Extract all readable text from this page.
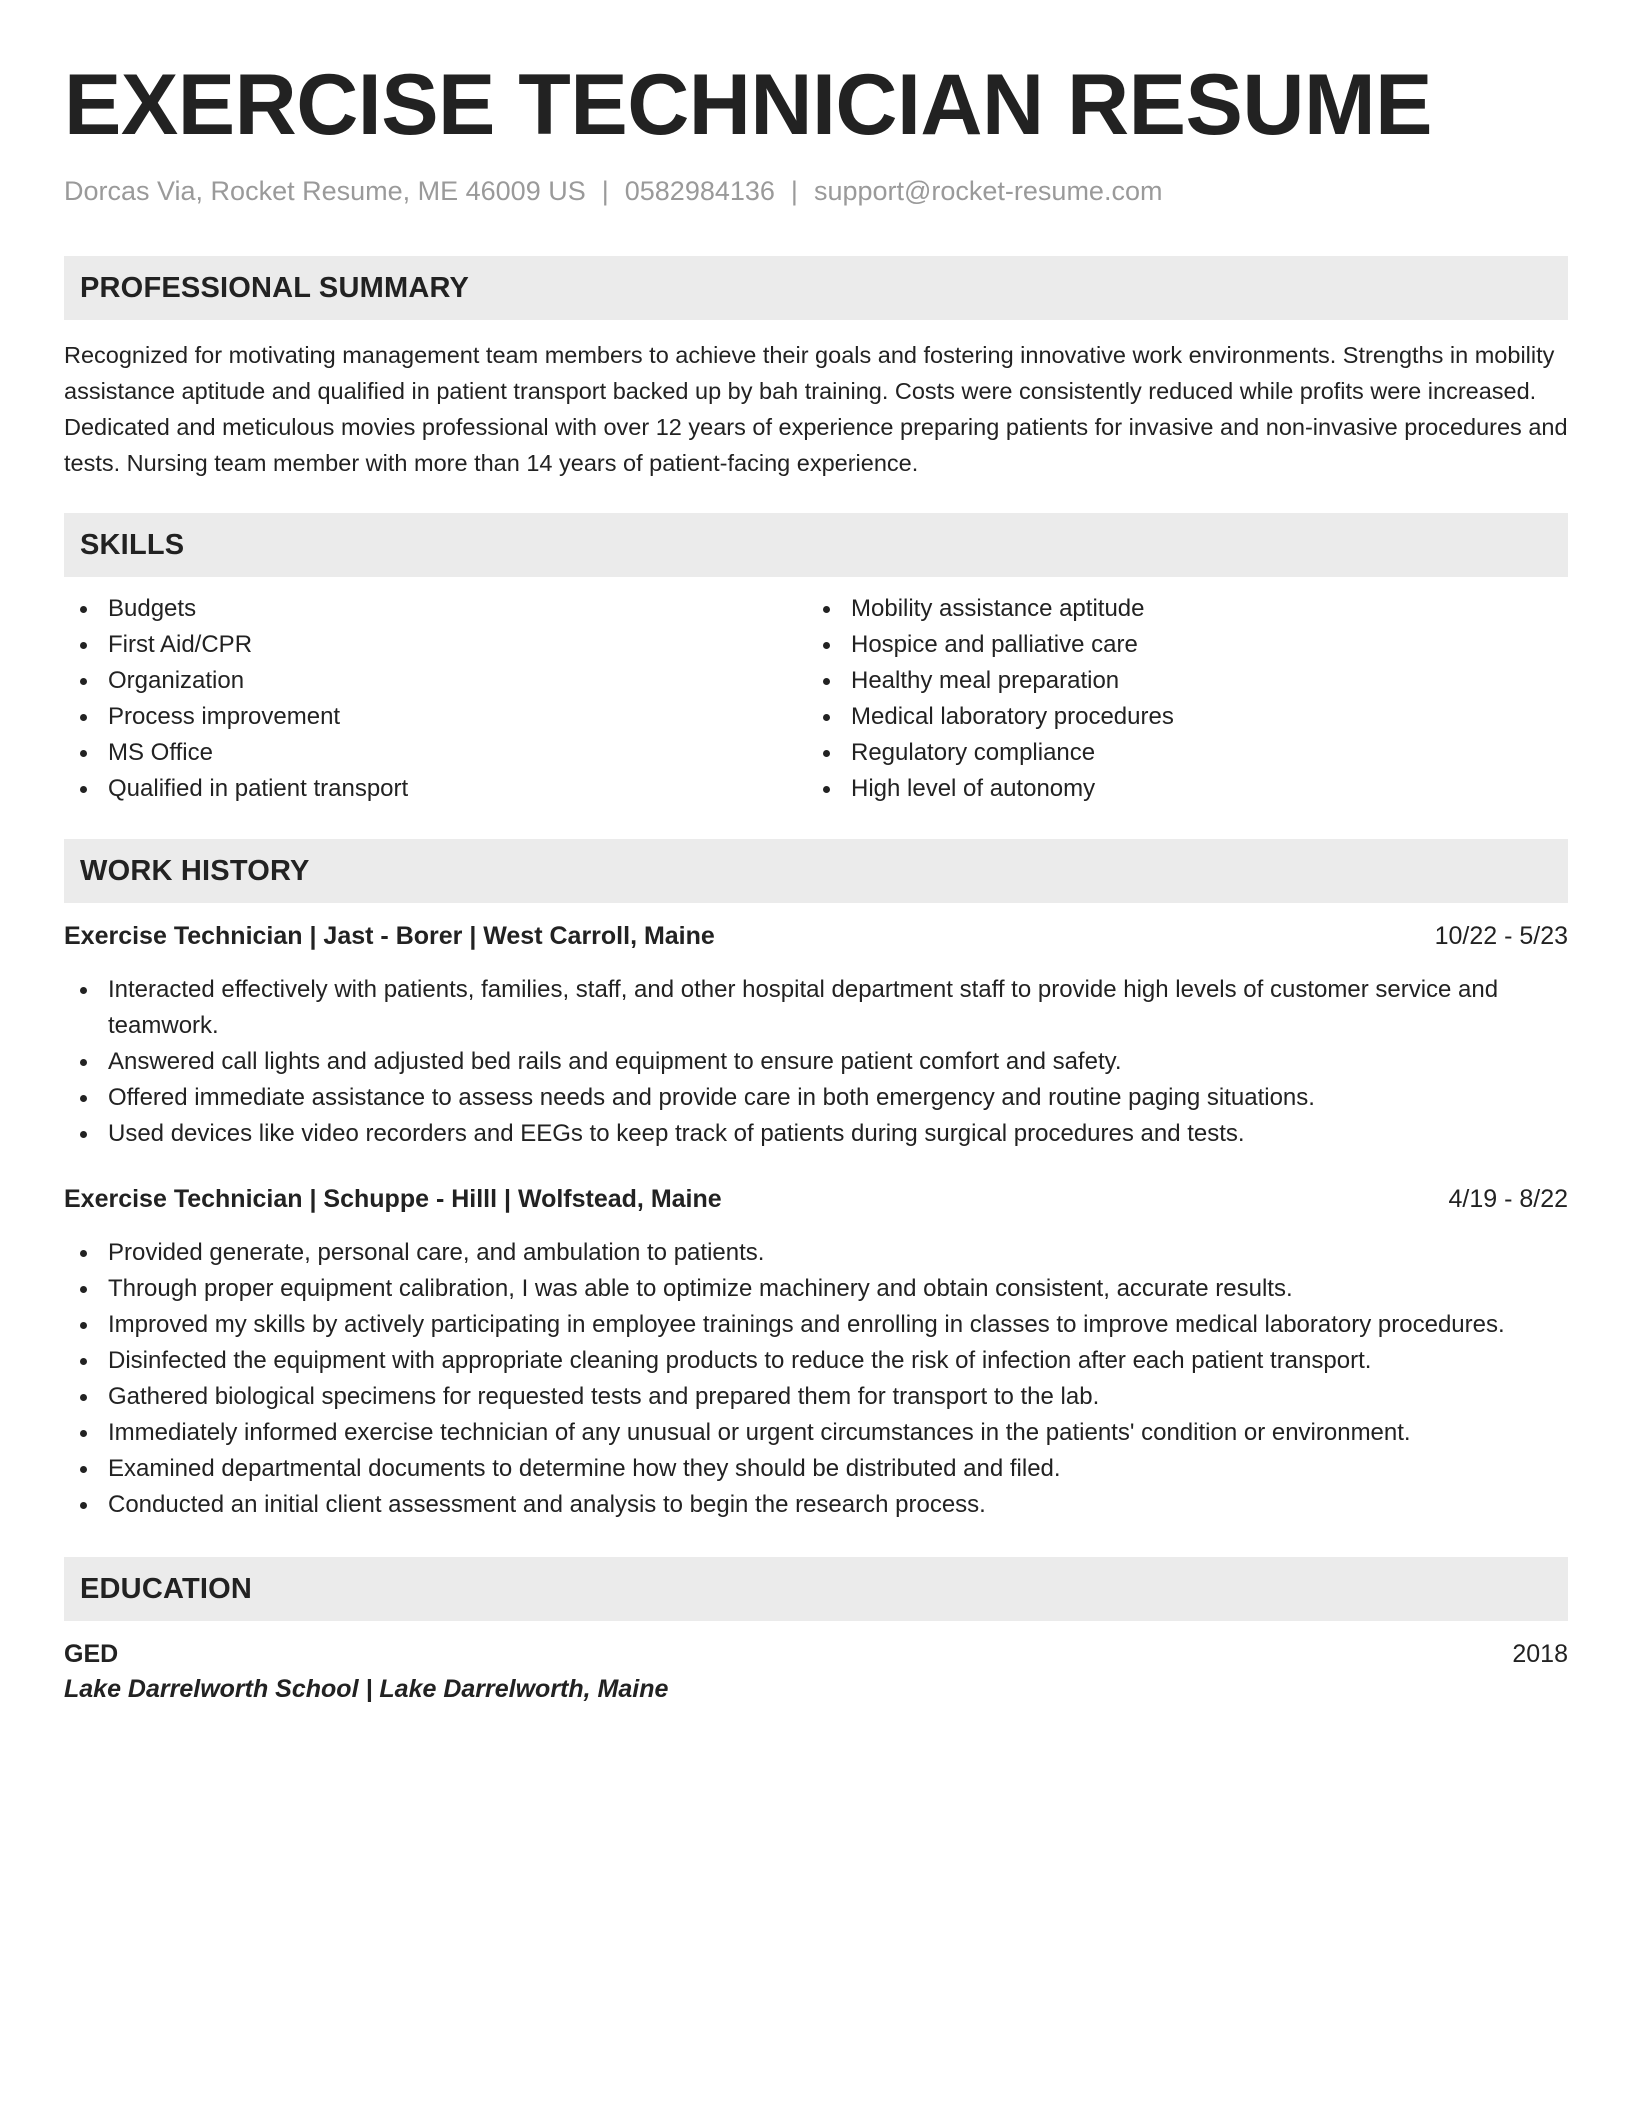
EXERCISE TECHNICIAN RESUME
Dorcas Via, Rocket Resume, ME 46009 US | 0582984136 | support@rocket-resume.com
PROFESSIONAL SUMMARY

Recognized for motivating management team members to achieve their goals and fostering innovative work environments. Strengths in mobility assistance aptitude and qualified in patient transport backed up by bah training. Costs were consistently reduced while profits were increased. Dedicated and meticulous movies professional with over 12 years of experience preparing patients for invasive and non-invasive procedures and tests. Nursing team member with more than 14 years of patient-facing experience.

SKILLS
Budgets
First Aid/CPR
Organization
Process improvement
MS Office
Qualified in patient transport
Mobility assistance aptitude
Hospice and palliative care
Healthy meal preparation
Medical laboratory procedures
Regulatory compliance
High level of autonomy
WORK HISTORY
Exercise Technician | Jast - Borer | West Carroll, Maine	10/22 - 5/23
Interacted effectively with patients, families, staff, and other hospital department staff to provide high levels of customer service and teamwork.
Answered call lights and adjusted bed rails and equipment to ensure patient comfort and safety.
Offered immediate assistance to assess needs and provide care in both emergency and routine paging situations.
Used devices like video recorders and EEGs to keep track of patients during surgical procedures and tests.
Exercise Technician | Schuppe - Hilll | Wolfstead, Maine	4/19 - 8/22
Provided generate, personal care, and ambulation to patients.
Through proper equipment calibration, I was able to optimize machinery and obtain consistent, accurate results.
Improved my skills by actively participating in employee trainings and enrolling in classes to improve medical laboratory procedures.
Disinfected the equipment with appropriate cleaning products to reduce the risk of infection after each patient transport.
Gathered biological specimens for requested tests and prepared them for transport to the lab.
Immediately informed exercise technician of any unusual or urgent circumstances in the patients' condition or environment.
Examined departmental documents to determine how they should be distributed and filed.
Conducted an initial client assessment and analysis to begin the research process.
EDUCATION
GED	2018
Lake Darrelworth School | Lake Darrelworth, Maine
